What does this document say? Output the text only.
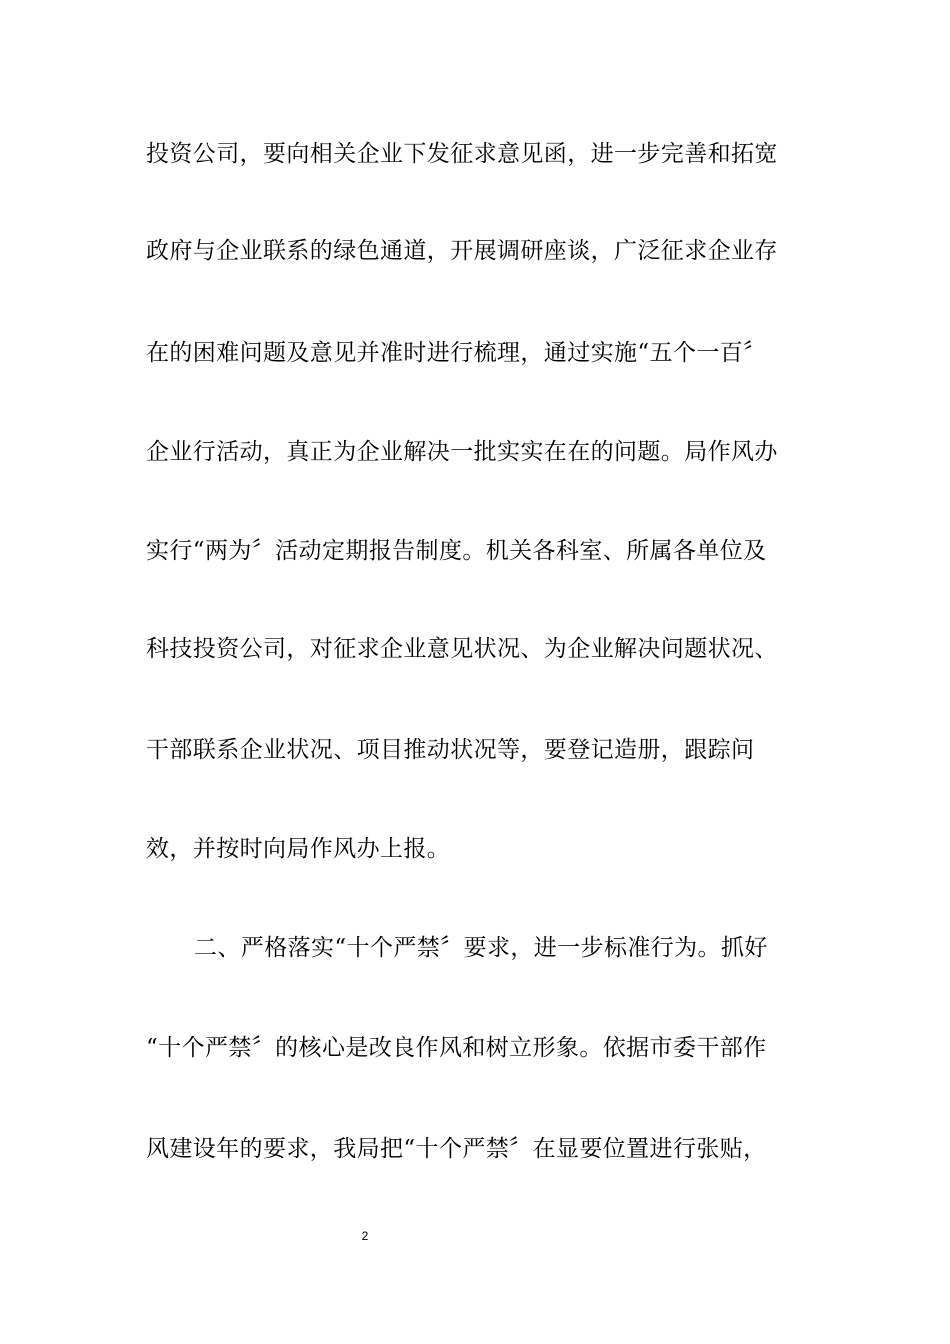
投资公司，要向相关企业下发征求意见函，进一步完善和拓宽
政府与企业联系的绿色通道，开展调研座谈，广泛征求企业存
在的困难问题及意见并准时进行梳理，通过实施“五个一百〞
企业行活动，真正为企业解决一批实实在在的问题。局作风办
实行“两为〞活动定期报告制度。机关各科室、所属各单位及
科技投资公司，对征求企业意见状况、为企业解决问题状况、
干部联系企业状况、项目推动状况等，要登记造册，跟踪问
效，并按时向局作风办上报。
二、严格落实“十个严禁〞要求，进一步标准行为。抓好
“十个严禁〞的核心是改良作风和树立形象。依据市委干部作
风建设年的要求，我局把“十个严禁〞在显要位置进行张贴，
2
